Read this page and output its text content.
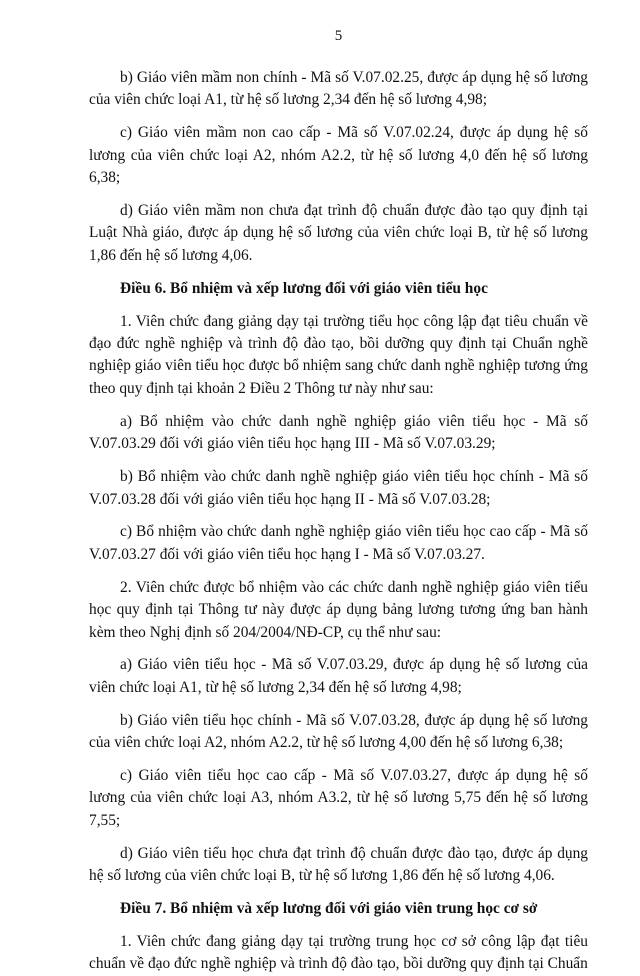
5

b) Giáo viên mầm non chính - Mã số V.07.02.25, được áp dụng hệ số lương của viên chức loại A1, từ hệ số lương 2,34 đến hệ số lương 4,98;

c) Giáo viên mầm non cao cấp - Mã số V.07.02.24, được áp dụng hệ số lương của viên chức loại A2, nhóm A2.2, từ hệ số lương 4,0 đến hệ số lương 6,38;

d) Giáo viên mầm non chưa đạt trình độ chuẩn được đào tạo quy định tại Luật Nhà giáo, được áp dụng hệ số lương của viên chức loại B, từ hệ số lương 1,86 đến hệ số lương 4,06.

Điều 6. Bổ nhiệm và xếp lương đối với giáo viên tiểu học

1. Viên chức đang giảng dạy tại trường tiểu học công lập đạt tiêu chuẩn về đạo đức nghề nghiệp và trình độ đào tạo, bồi dưỡng quy định tại Chuẩn nghề nghiệp giáo viên tiểu học được bổ nhiệm sang chức danh nghề nghiệp tương ứng theo quy định tại khoản 2 Điều 2 Thông tư này như sau:

a) Bổ nhiệm vào chức danh nghề nghiệp giáo viên tiểu học - Mã số V.07.03.29 đối với giáo viên tiểu học hạng III - Mã số V.07.03.29;

b) Bổ nhiệm vào chức danh nghề nghiệp giáo viên tiểu học chính - Mã số V.07.03.28 đối với giáo viên tiểu học hạng II - Mã số V.07.03.28;

c) Bổ nhiệm vào chức danh nghề nghiệp giáo viên tiểu học cao cấp - Mã số V.07.03.27 đối với giáo viên tiểu học hạng I - Mã số V.07.03.27.

2. Viên chức được bổ nhiệm vào các chức danh nghề nghiệp giáo viên tiểu học quy định tại Thông tư này được áp dụng bảng lương tương ứng ban hành kèm theo Nghị định số 204/2004/NĐ-CP, cụ thể như sau:

a) Giáo viên tiểu học - Mã số V.07.03.29, được áp dụng hệ số lương của viên chức loại A1, từ hệ số lương 2,34 đến hệ số lương 4,98;

b) Giáo viên tiểu học chính - Mã số V.07.03.28, được áp dụng hệ số lương của viên chức loại A2, nhóm A2.2, từ hệ số lương 4,00 đến hệ số lương 6,38;

c) Giáo viên tiểu học cao cấp - Mã số V.07.03.27, được áp dụng hệ số lương của viên chức loại A3, nhóm A3.2, từ hệ số lương 5,75 đến hệ số lương 7,55;

d) Giáo viên tiểu học chưa đạt trình độ chuẩn được đào tạo, được áp dụng hệ số lương của viên chức loại B, từ hệ số lương 1,86 đến hệ số lương 4,06.

Điều 7. Bổ nhiệm và xếp lương đối với giáo viên trung học cơ sở

1. Viên chức đang giảng dạy tại trường trung học cơ sở công lập đạt tiêu chuẩn về đạo đức nghề nghiệp và trình độ đào tạo, bồi dưỡng quy định tại Chuẩn
